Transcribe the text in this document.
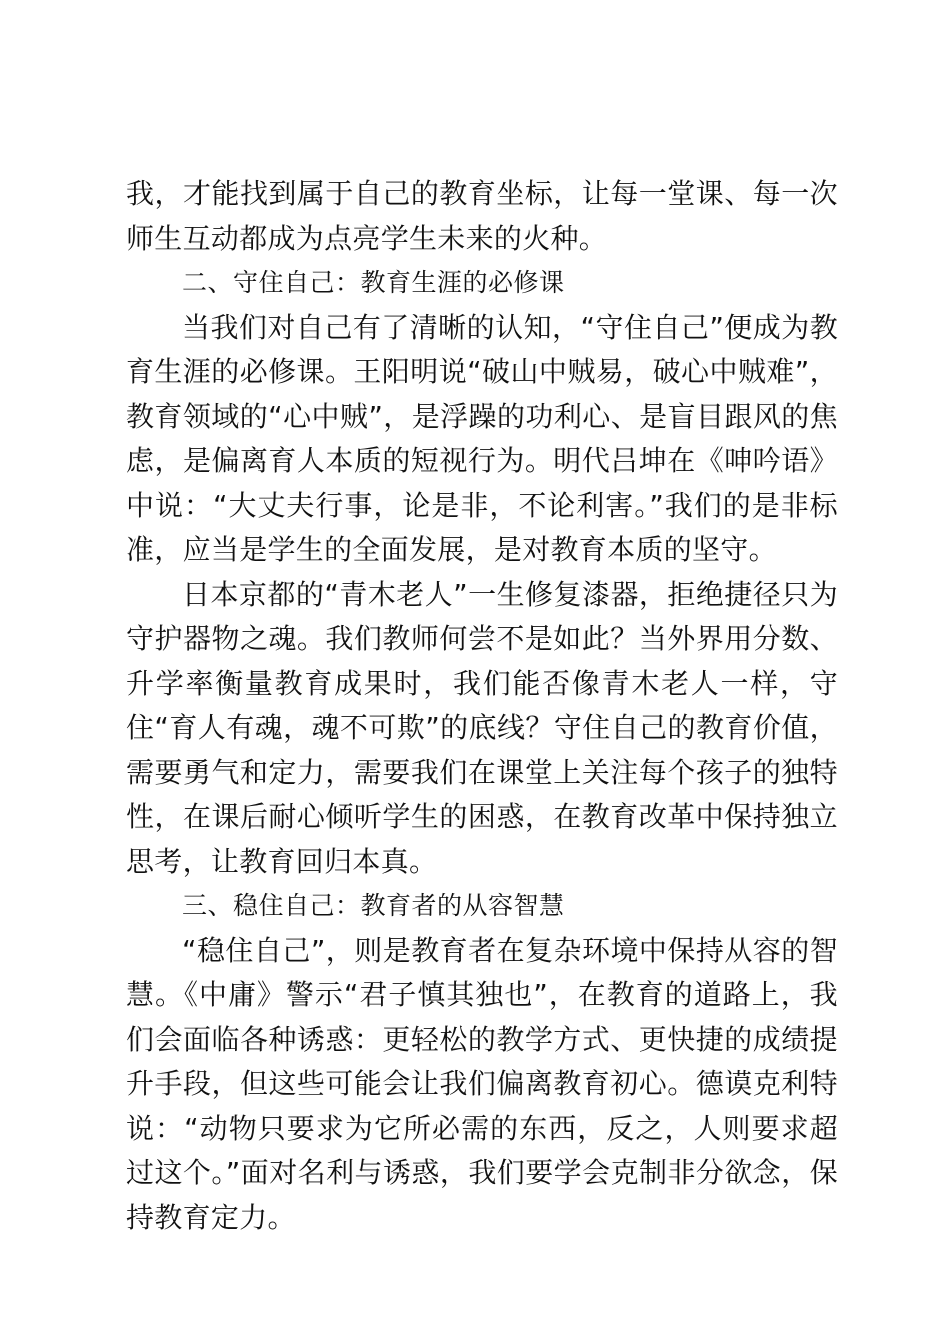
我，才能找到属于自己的教育坐标，让每一堂课、每一次师生互动都成为点亮学生未来的火种。

二、守住自己：教育生涯的必修课

当我们对自己有了清晰的认知，“守住自己”便成为教育生涯的必修课。王阳明说“破山中贼易，破心中贼难”，教育领域的“心中贼”，是浮躁的功利心、是盲目跟风的焦虑，是偏离育人本质的短视行为。明代吕坤在《呻吟语》中说：“大丈夫行事，论是非，不论利害。”我们的是非标准，应当是学生的全面发展，是对教育本质的坚守。

日本京都的“青木老人”一生修复漆器，拒绝捷径只为守护器物之魂。我们教师何尝不是如此？当外界用分数、升学率衡量教育成果时，我们能否像青木老人一样，守住“育人有魂，魂不可欺”的底线？守住自己的教育价值，需要勇气和定力，需要我们在课堂上关注每个孩子的独特性，在课后耐心倾听学生的困惑，在教育改革中保持独立思考，让教育回归本真。

三、稳住自己：教育者的从容智慧

“稳住自己”，则是教育者在复杂环境中保持从容的智慧。《中庸》警示“君子慎其独也”，在教育的道路上，我们会面临各种诱惑：更轻松的教学方式、更快捷的成绩提升手段，但这些可能会让我们偏离教育初心。德谟克利特说：“动物只要求为它所必需的东西，反之，人则要求超过这个。”面对名利与诱惑，我们要学会克制非分欲念，保持教育定力。
